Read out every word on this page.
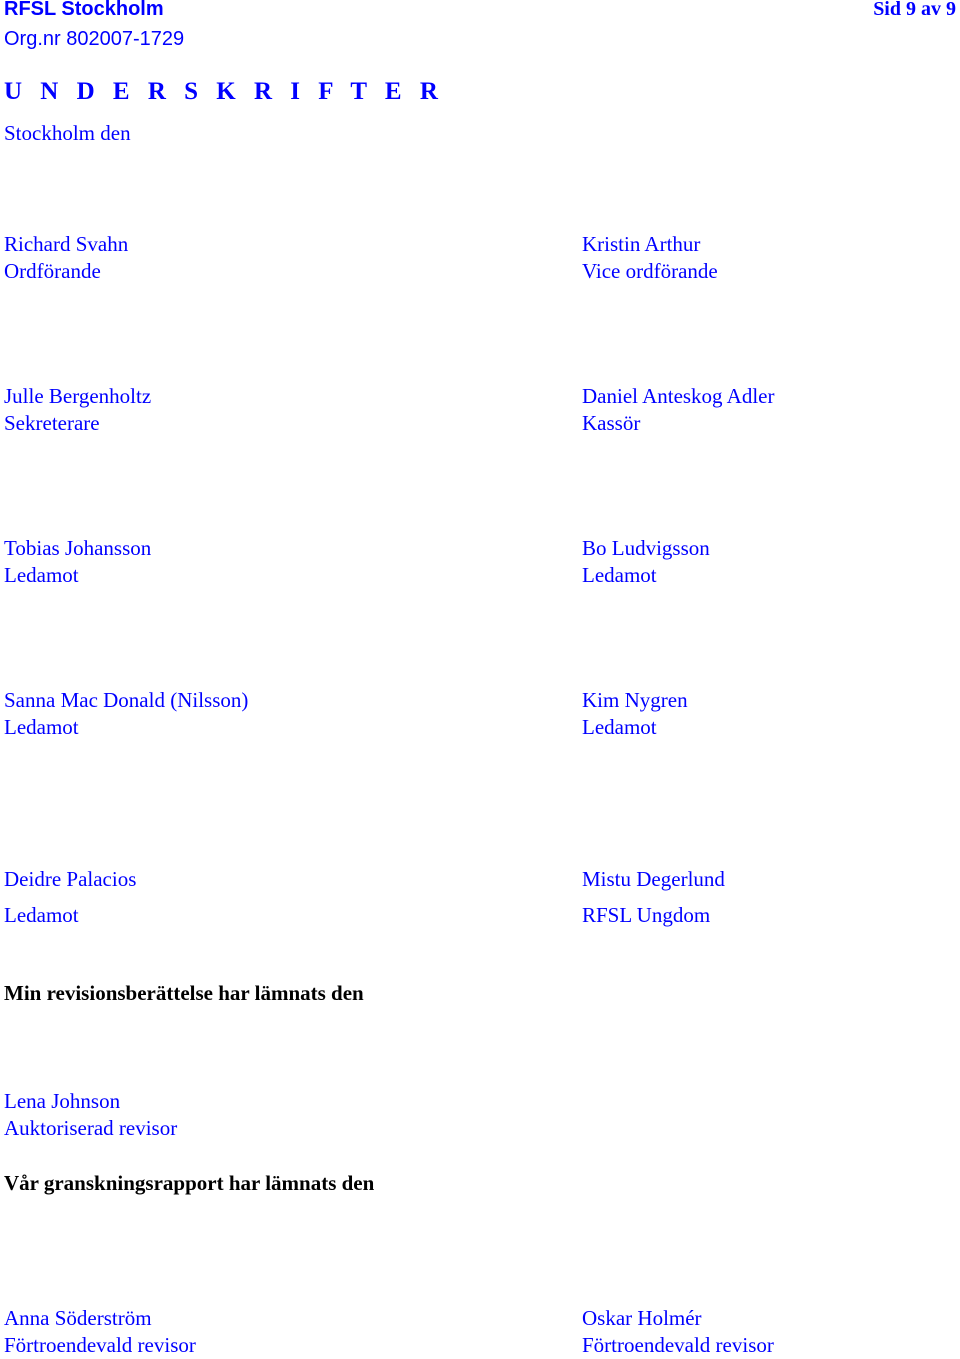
RFSL Stockholm
Org.nr 802007-1729
Sid 9 av 9
U N D E R S K R I F T E R
Stockholm den
Richard Svahn
Ordförande
Kristin Arthur
Vice ordförande
Julle Bergenholtz
Sekreterare
Daniel Anteskog Adler
Kassör
Tobias Johansson
Ledamot
Bo Ludvigsson
Ledamot
Sanna Mac Donald (Nilsson)
Ledamot
Kim Nygren
Ledamot
Deidre Palacios
Ledamot
Mistu Degerlund
RFSL Ungdom
Min revisionsberättelse har lämnats den
Lena Johnson
Auktoriserad revisor
Vår granskningsrapport har lämnats den
Anna Söderström
Förtroendevald revisor
Oskar Holmér
Förtroendevald revisor
